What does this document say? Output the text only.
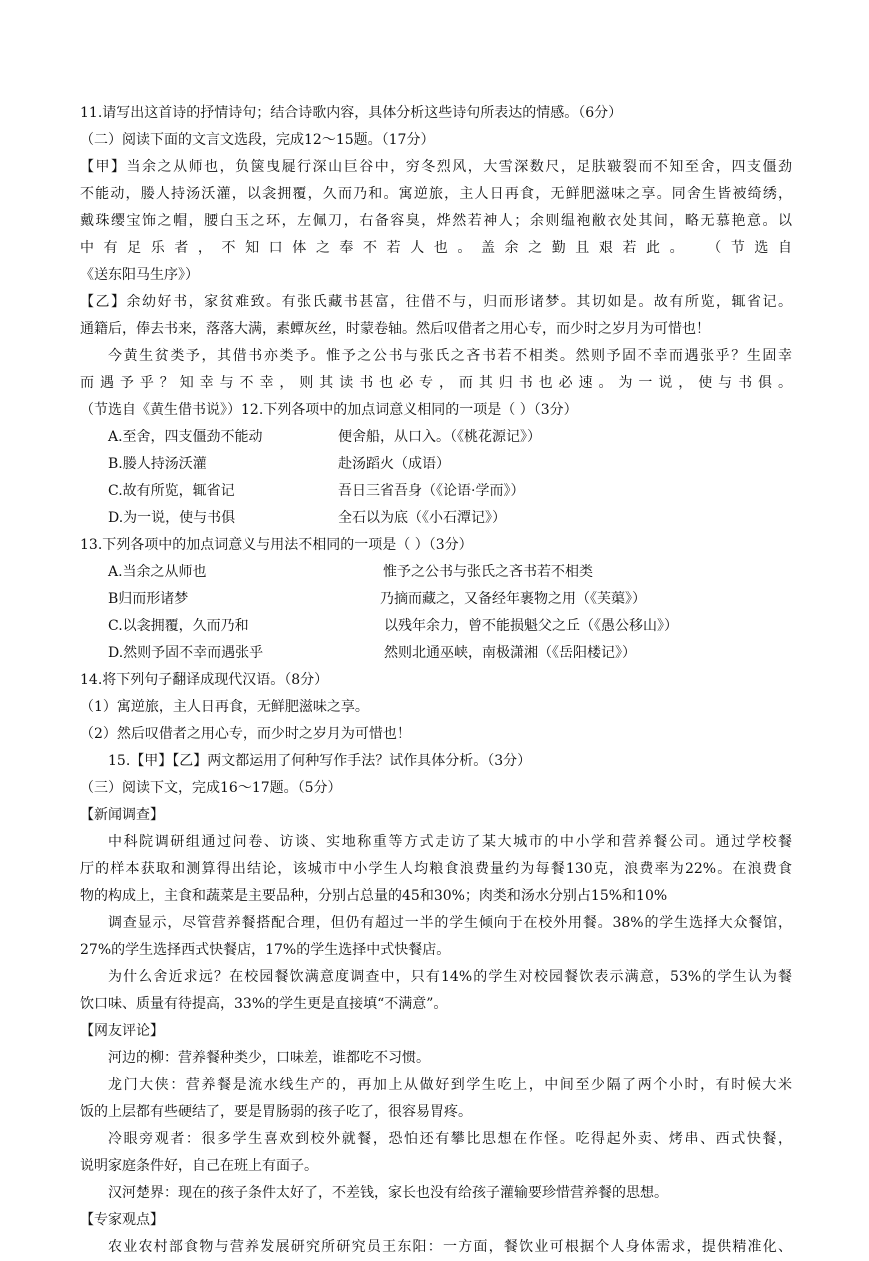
11.请写出这首诗的抒情诗句；结合诗歌内容，具体分析这些诗句所表达的情感。（6分）
（二）阅读下面的文言文选段，完成12～15题。（17分）
【甲】当余之从师也，负箧曳屣行深山巨谷中，穷冬烈风，大雪深数尺，足肤皲裂而不知至舍，四支僵劲
不能动，媵人持汤沃灌，以衾拥覆，久而乃和。寓逆旅，主人日再食，无鲜肥滋味之享。同舍生皆被绮绣，
戴珠缨宝饰之帽，腰白玉之环，左佩刀，右备容臭，烨然若神人；余则缊袍敝衣处其间，略无慕艳意。以
中有足乐者，不知口体之奉不若人也。盖余之勤且艰若此。 （节选自
《送东阳马生序》）
【乙】余幼好书，家贫难致。有张氏藏书甚富，往借不与，归而形诸梦。其切如是。故有所览，辄省记。
通籍后，俸去书来，落落大满，素蟫灰丝，时蒙卷轴。然后叹借者之用心专，而少时之岁月为可惜也！
今黄生贫类予，其借书亦类予。惟予之公书与张氏之吝书若不相类。然则予固不幸而遇张乎？生固幸
而 遇 予 乎 ？ 知 幸 与 不 幸 ， 则 其 读 书 也 必 专 ， 而 其 归 书 也 必 速 。 为 一 说 ， 使 与 书 俱 。
（节选自《黄生借书说》）12.下列各项中的加点词意义相同的一项是（ ）（3分）
A.至舍，四支僵劲不能动	便舍船，从口入。（《桃花源记》）
B.媵人持汤沃灌	赴汤蹈火（成语）
C.故有所览，辄省记	吾日三省吾身（《论语·学而》）
D.为一说，使与书俱	全石以为底（《小石潭记》）
13.下列各项中的加点词意义与用法不相同的一项是（ ）（3分）
A.当余之从师也	惟予之公书与张氏之吝书若不相类
B归而形诸梦	乃摘而藏之，又备经年裹物之用（《芙蕖》）
C.以衾拥覆，久而乃和	以残年余力，曾不能损魁父之丘（《愚公移山》）
D.然则予固不幸而遇张乎	然则北通巫峡，南极潇湘（《岳阳楼记》）
14.将下列句子翻译成现代汉语。（8分）
（1）寓逆旅，主人日再食，无鲜肥滋味之享。
（2）然后叹借者之用心专，而少时之岁月为可惜也！
15.【甲】【乙】两文都运用了何种写作手法？试作具体分析。（3分）
（三）阅读下文，完成16～17题。（5分）
【新闻调查】
中科院调研组通过问卷、访谈、实地称重等方式走访了某大城市的中小学和营养餐公司。通过学校餐
厅的样本获取和测算得出结论，该城市中小学生人均粮食浪费量约为每餐130克，浪费率为22%。在浪费食
物的构成上，主食和蔬菜是主要品种，分别占总量的45和30%；肉类和汤水分别占15%和10%
调查显示，尽管营养餐搭配合理，但仍有超过一半的学生倾向于在校外用餐。38%的学生选择大众餐馆，
27%的学生选择西式快餐店，17%的学生选择中式快餐店。
为什么舍近求远？在校园餐饮满意度调查中，只有14%的学生对校园餐饮表示满意，53%的学生认为餐
饮口味、质量有待提高，33%的学生更是直接填“不满意”。
【网友评论】
河边的柳：营养餐种类少，口味差，谁都吃不习惯。
龙门大侠：营养餐是流水线生产的，再加上从做好到学生吃上，中间至少隔了两个小时，有时候大米
饭的上层都有些硬结了，要是胃肠弱的孩子吃了，很容易胃疼。
冷眼旁观者：很多学生喜欢到校外就餐，恐怕还有攀比思想在作怪。吃得起外卖、烤串、西式快餐，
说明家庭条件好，自己在班上有面子。
汉河楚界：现在的孩子条件太好了，不差钱，家长也没有给孩子灌输要珍惜营养餐的思想。
【专家观点】
农业农村部食物与营养发展研究所研究员王东阳：一方面，餐饮业可根据个人身体需求，提供精准化、
